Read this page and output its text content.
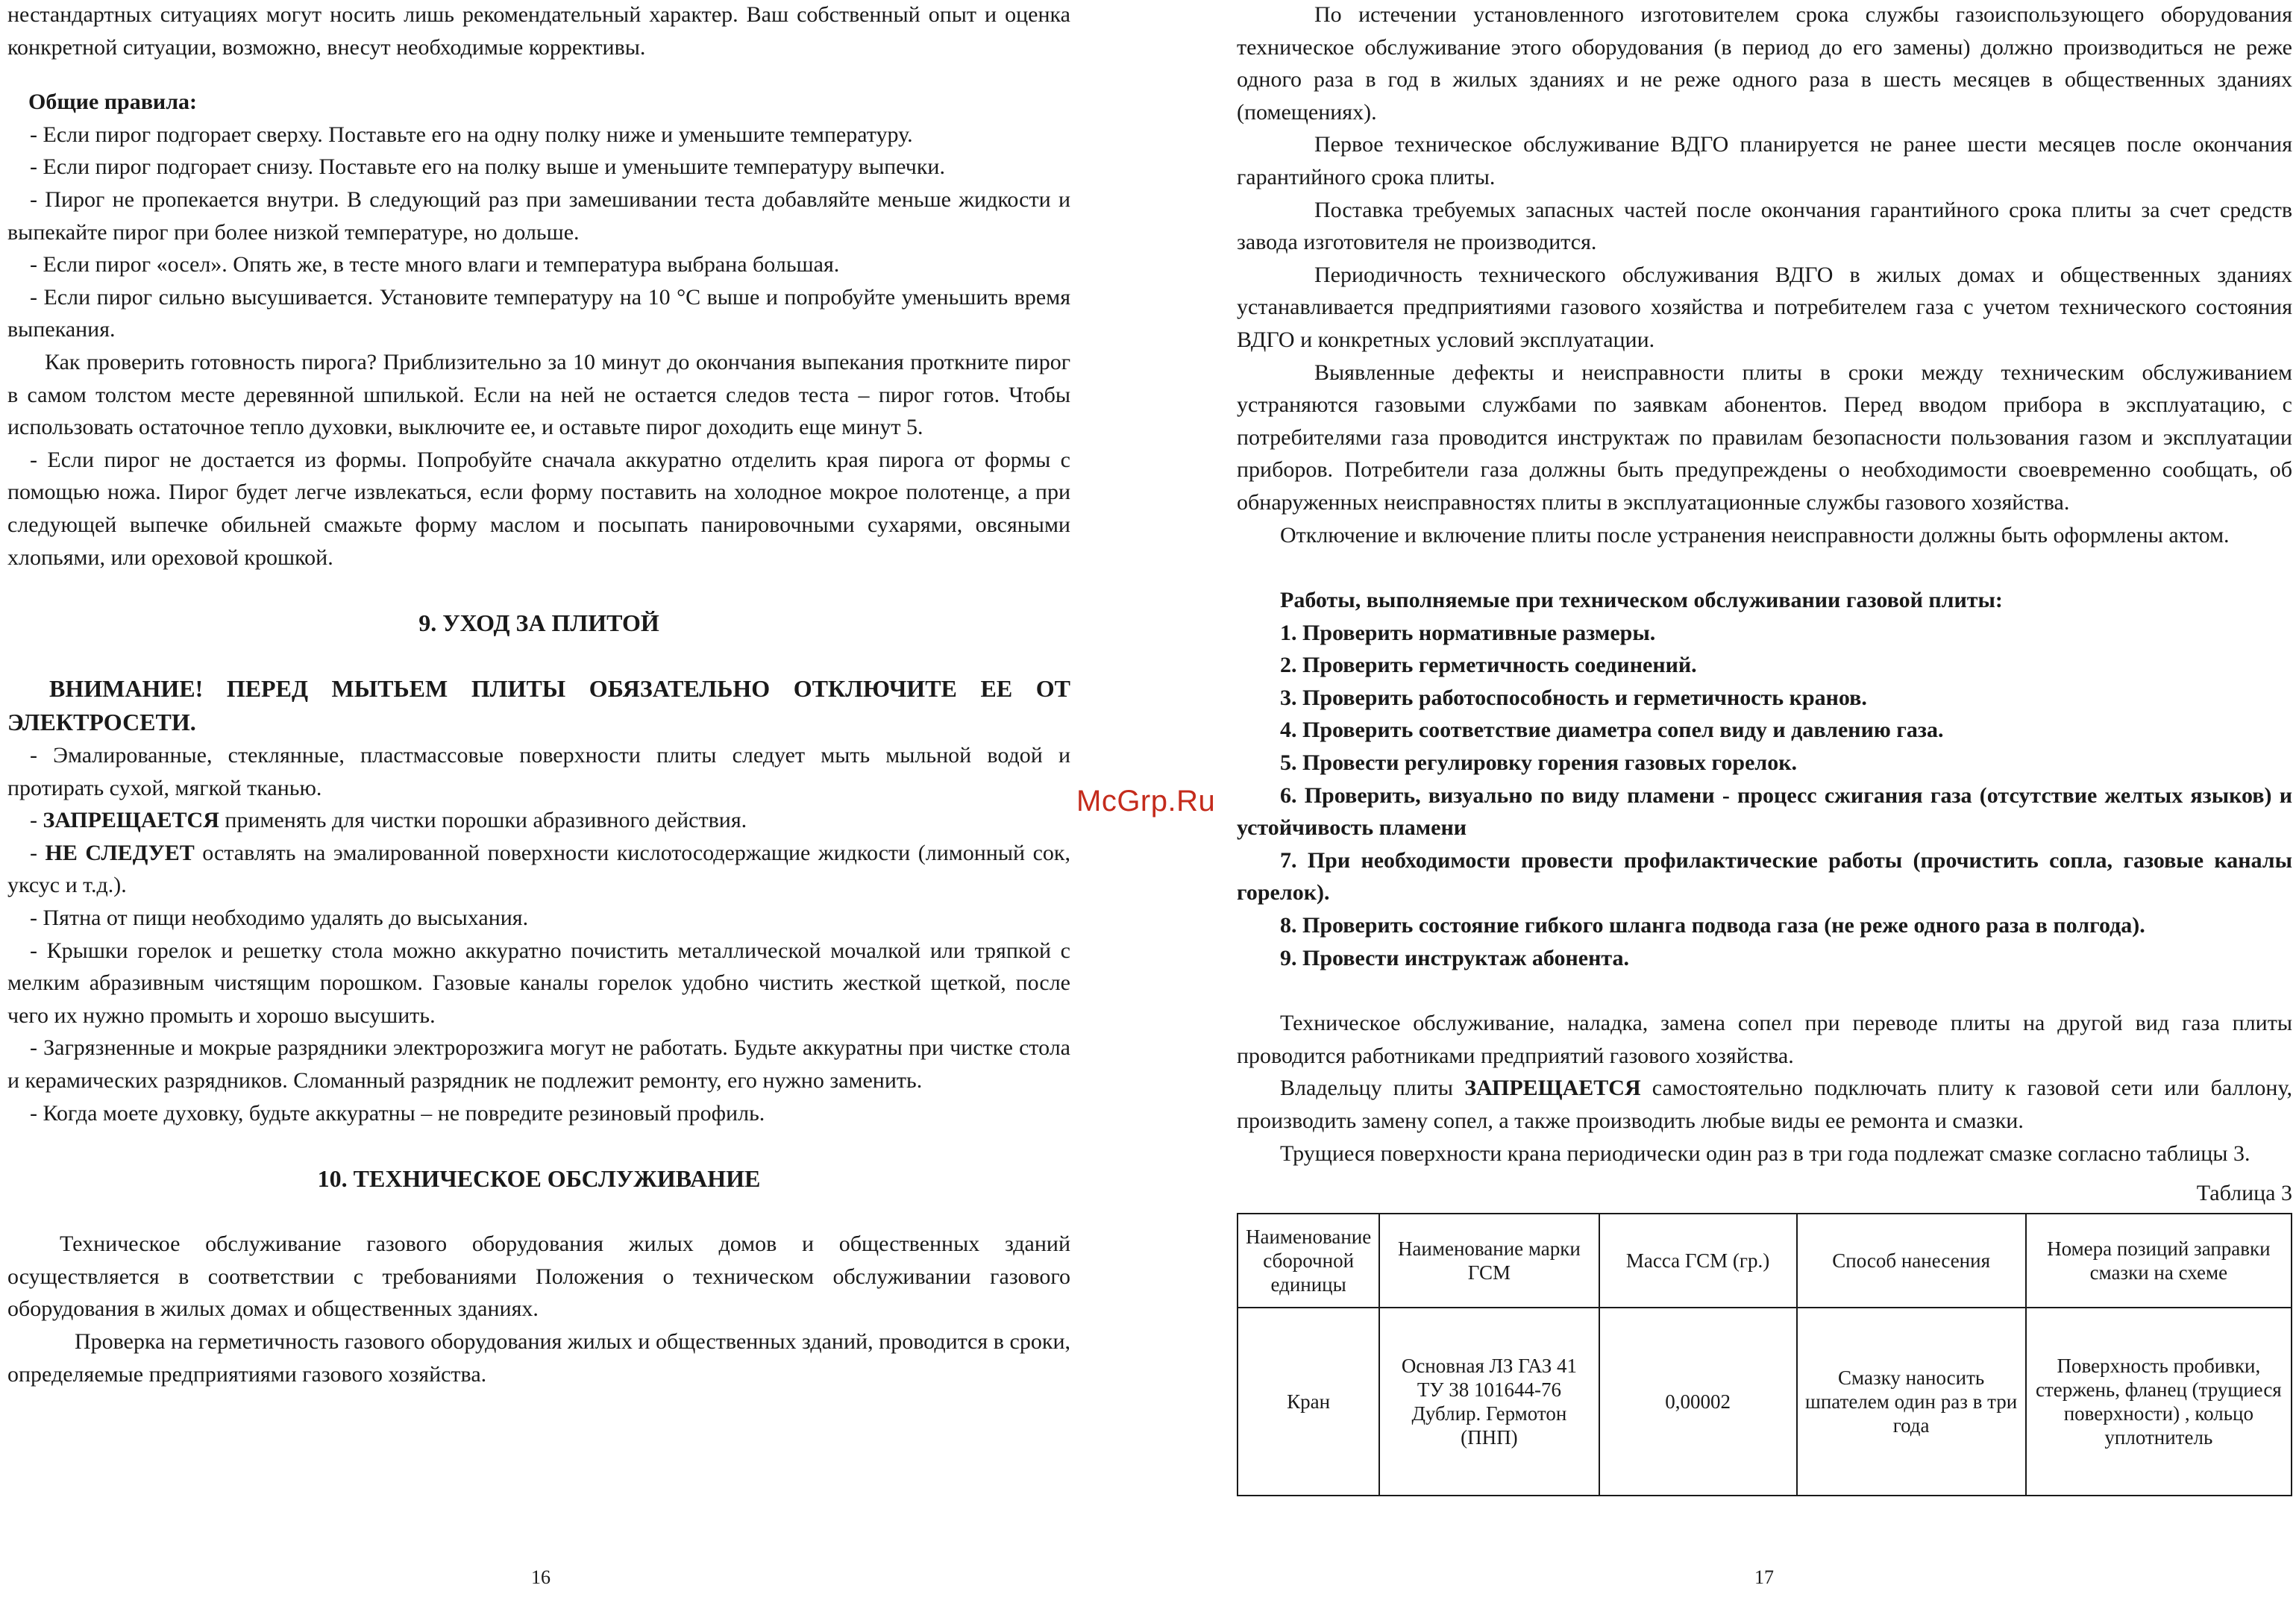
нестандартных ситуациях могут носить лишь рекомендательный характер. Ваш собственный опыт и оценка конкретной ситуации, возможно, внесут необходимые коррективы.

Общие правила:

- Если пирог подгорает сверху. Поставьте его на одну полку ниже и уменьшите температуру.

- Если пирог подгорает снизу. Поставьте его на полку выше и уменьшите температуру выпечки.

- Пирог не пропекается внутри. В следующий раз при замешивании теста добавляйте меньше жидкости и выпекайте пирог при более низкой температуре, но дольше.

- Если пирог «осел». Опять же, в тесте много влаги и температура выбрана большая.

- Если пирог сильно высушивается. Установите температуру на 10 °С выше и попробуйте уменьшить время выпекания.

Как проверить готовность пирога? Приблизительно за 10 минут до окончания выпекания проткните пирог в самом толстом месте деревянной шпилькой. Если на ней не остается следов теста – пирог готов. Чтобы использовать остаточное тепло духовки, выключите ее, и оставьте пирог доходить еще минут 5.

- Если пирог не достается из формы. Попробуйте сначала аккуратно отделить края пирога от формы с помощью ножа. Пирог будет легче извлекаться, если форму поставить на холодное мокрое полотенце, а при следующей выпечке обильней смажьте форму маслом и посыпать панировочными сухарями, овсяными хлопьями, или ореховой крошкой.

9. УХОД ЗА ПЛИТОЙ

ВНИМАНИЕ! ПЕРЕД МЫТЬЕМ ПЛИТЫ ОБЯЗАТЕЛЬНО ОТКЛЮЧИТЕ ЕЕ ОТ ЭЛЕКТРОСЕТИ.

- Эмалированные, стеклянные, пластмассовые поверхности плиты следует мыть мыльной водой и протирать сухой, мягкой тканью.

- ЗАПРЕЩАЕТСЯ применять для чистки порошки абразивного действия.

- НЕ СЛЕДУЕТ оставлять на эмалированной поверхности кислотосодержащие жидкости (лимонный сок, уксус и т.д.).

- Пятна от пищи необходимо удалять до высыхания.

- Крышки горелок и решетку стола можно аккуратно почистить металлической мочалкой или тряпкой с мелким абразивным чистящим порошком. Газовые каналы горелок удобно чистить жесткой щеткой, после чего их нужно промыть и хорошо высушить.

- Загрязненные и мокрые разрядники электророзжига могут не работать. Будьте аккуратны при чистке стола и керамических разрядников. Сломанный разрядник не подлежит ремонту, его нужно заменить.

- Когда моете духовку, будьте аккуратны – не повредите резиновый профиль.

10. ТЕХНИЧЕСКОЕ ОБСЛУЖИВАНИЕ

Техническое обслуживание газового оборудования жилых домов и общественных зданий осуществляется в соответствии с требованиями Положения о техническом обслуживании газового оборудования в жилых домах и общественных зданиях.

Проверка на герметичность газового оборудования жилых и общественных зданий, проводится в сроки, определяемые предприятиями газового хозяйства.

16
McGrp.Ru

По истечении установленного изготовителем срока службы газоиспользующего оборудования техническое обслуживание этого оборудования (в период до его замены) должно производиться не реже одного раза в год в жилых зданиях и не реже одного раза в шесть месяцев в общественных зданиях (помещениях).

Первое техническое обслуживание ВДГО планируется не ранее шести месяцев после окончания гарантийного срока плиты.

Поставка требуемых запасных частей после окончания гарантийного срока плиты за счет средств завода изготовителя не производится.

Периодичность технического обслуживания ВДГО в жилых домах и общественных зданиях устанавливается предприятиями газового хозяйства и потребителем газа с учетом технического состояния ВДГО и конкретных условий эксплуатации.

Выявленные дефекты и неисправности плиты в сроки между техническим обслуживанием устраняются газовыми службами по заявкам абонентов. Перед вводом прибора в эксплуатацию, с потребителями газа проводится инструктаж по правилам безопасности пользования газом и эксплуатации приборов. Потребители газа должны быть предупреждены о необходимости своевременно сообщать, об обнаруженных неисправностях плиты в эксплуатационные службы газового хозяйства.

Отключение и включение плиты после устранения неисправности должны быть оформлены актом.

Работы, выполняемые при техническом обслуживании газовой плиты:

1. Проверить нормативные размеры.

2. Проверить герметичность соединений.

3. Проверить работоспособность и герметичность кранов.

4. Проверить соответствие диаметра сопел виду и давлению газа.

5. Провести регулировку горения газовых горелок.

6. Проверить, визуально по виду пламени - процесс сжигания газа (отсутствие желтых языков) и устойчивость пламени

7. При необходимости провести профилактические работы (прочистить сопла, газовые каналы горелок).

8. Проверить состояние гибкого шланга подвода газа (не реже одного раза в полгода).

9. Провести инструктаж абонента.

Техническое обслуживание, наладка, замена сопел при переводе плиты на другой вид газа плиты проводится работниками предприятий газового хозяйства.

Владельцу плиты ЗАПРЕЩАЕТСЯ самостоятельно подключать плиту к газовой сети или баллону, производить замену сопел, а также производить любые виды ее ремонта и смазки.

Трущиеся поверхности крана периодически один раз в три года подлежат смазке согласно таблицы 3.

Таблица 3
Наименование сборочной единицы	Наименование марки ГСМ	Масса ГСМ (гр.)	Способ нанесения	Номера позиций заправки смазки на схеме
Кран	Основная ЛЗ ГАЗ 41 ТУ 38 101644-76 Дублир. Гермотон (ПНП)	0,00002	Смазку наносить шпателем один раз в три года	Поверхность пробивки, стержень, фланец (трущиеся поверхности) , кольцо уплотнитель
17
